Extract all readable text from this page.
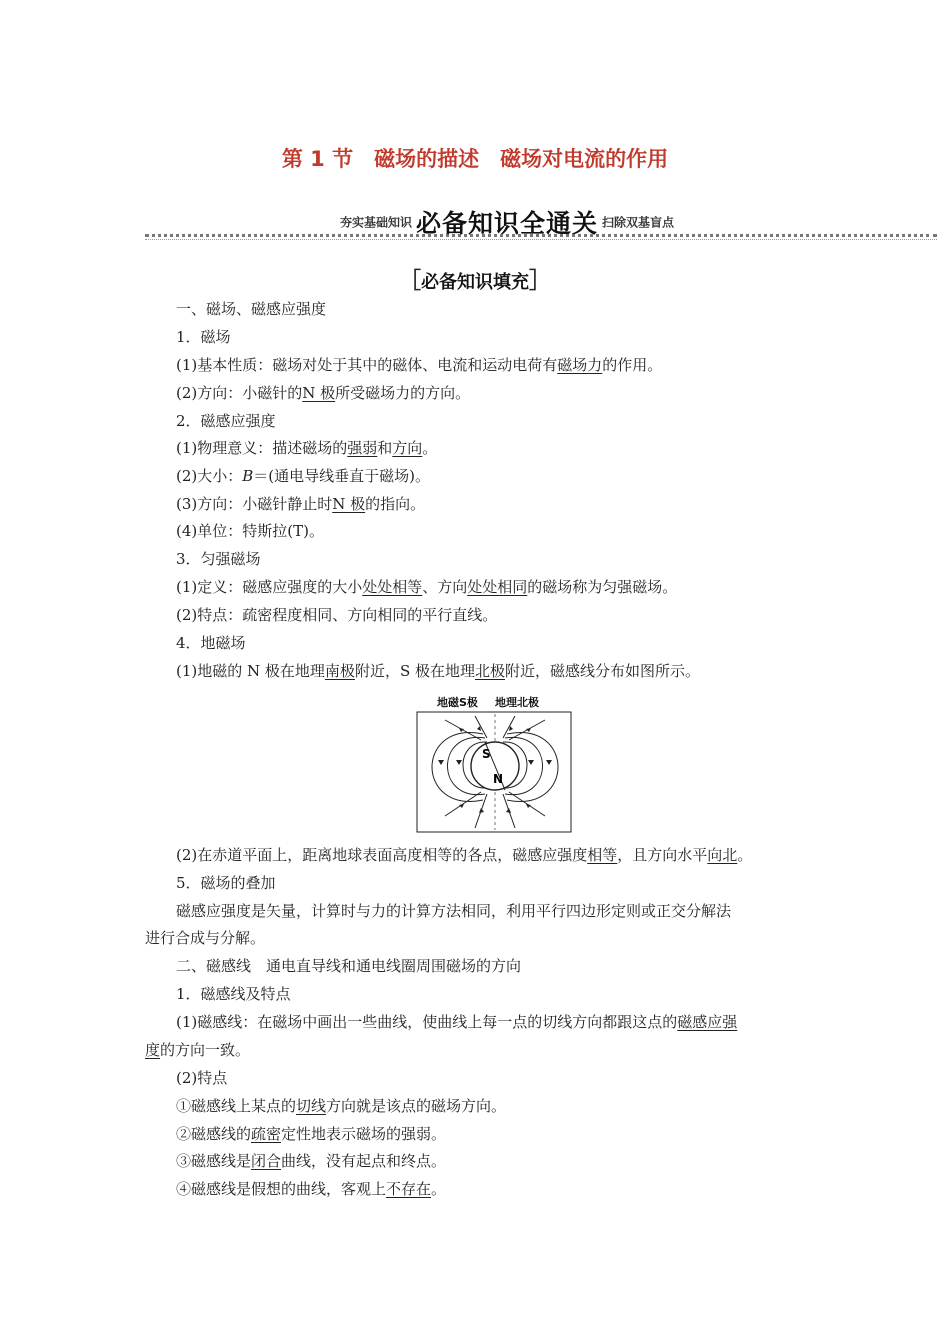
第 1 节　磁场的描述　磁场对电流的作用
夯实基础知识 必备知识全通关 扫除双基盲点
［必备知识填充］
一、磁场、磁感应强度
1．磁场
(1)基本性质：磁场对处于其中的磁体、电流和运动电荷有磁场力的作用。
(2)方向：小磁针的N 极所受磁场力的方向。
2．磁感应强度
(1)物理意义：描述磁场的强弱和方向。
(2)大小：B＝(通电导线垂直于磁场)。
(3)方向：小磁针静止时N 极的指向。
(4)单位：特斯拉(T)。
3．匀强磁场
(1)定义：磁感应强度的大小处处相等、方向处处相同的磁场称为匀强磁场。
(2)特点：疏密程度相同、方向相同的平行直线。
4．地磁场
(1)地磁的 N 极在地理南极附近，S 极在地理北极附近，磁感线分布如图所示。
地磁S极 地理北极
S
N
(2)在赤道平面上，距离地球表面高度相等的各点，磁感应强度相等，且方向水平向北。
5．磁场的叠加
磁感应强度是矢量，计算时与力的计算方法相同，利用平行四边形定则或正交分解法
进行合成与分解。
二、磁感线　通电直导线和通电线圈周围磁场的方向
1．磁感线及特点
(1)磁感线：在磁场中画出一些曲线，使曲线上每一点的切线方向都跟这点的磁感应强
度的方向一致。
(2)特点
①磁感线上某点的切线方向就是该点的磁场方向。
②磁感线的疏密定性地表示磁场的强弱。
③磁感线是闭合曲线，没有起点和终点。
④磁感线是假想的曲线，客观上不存在。
